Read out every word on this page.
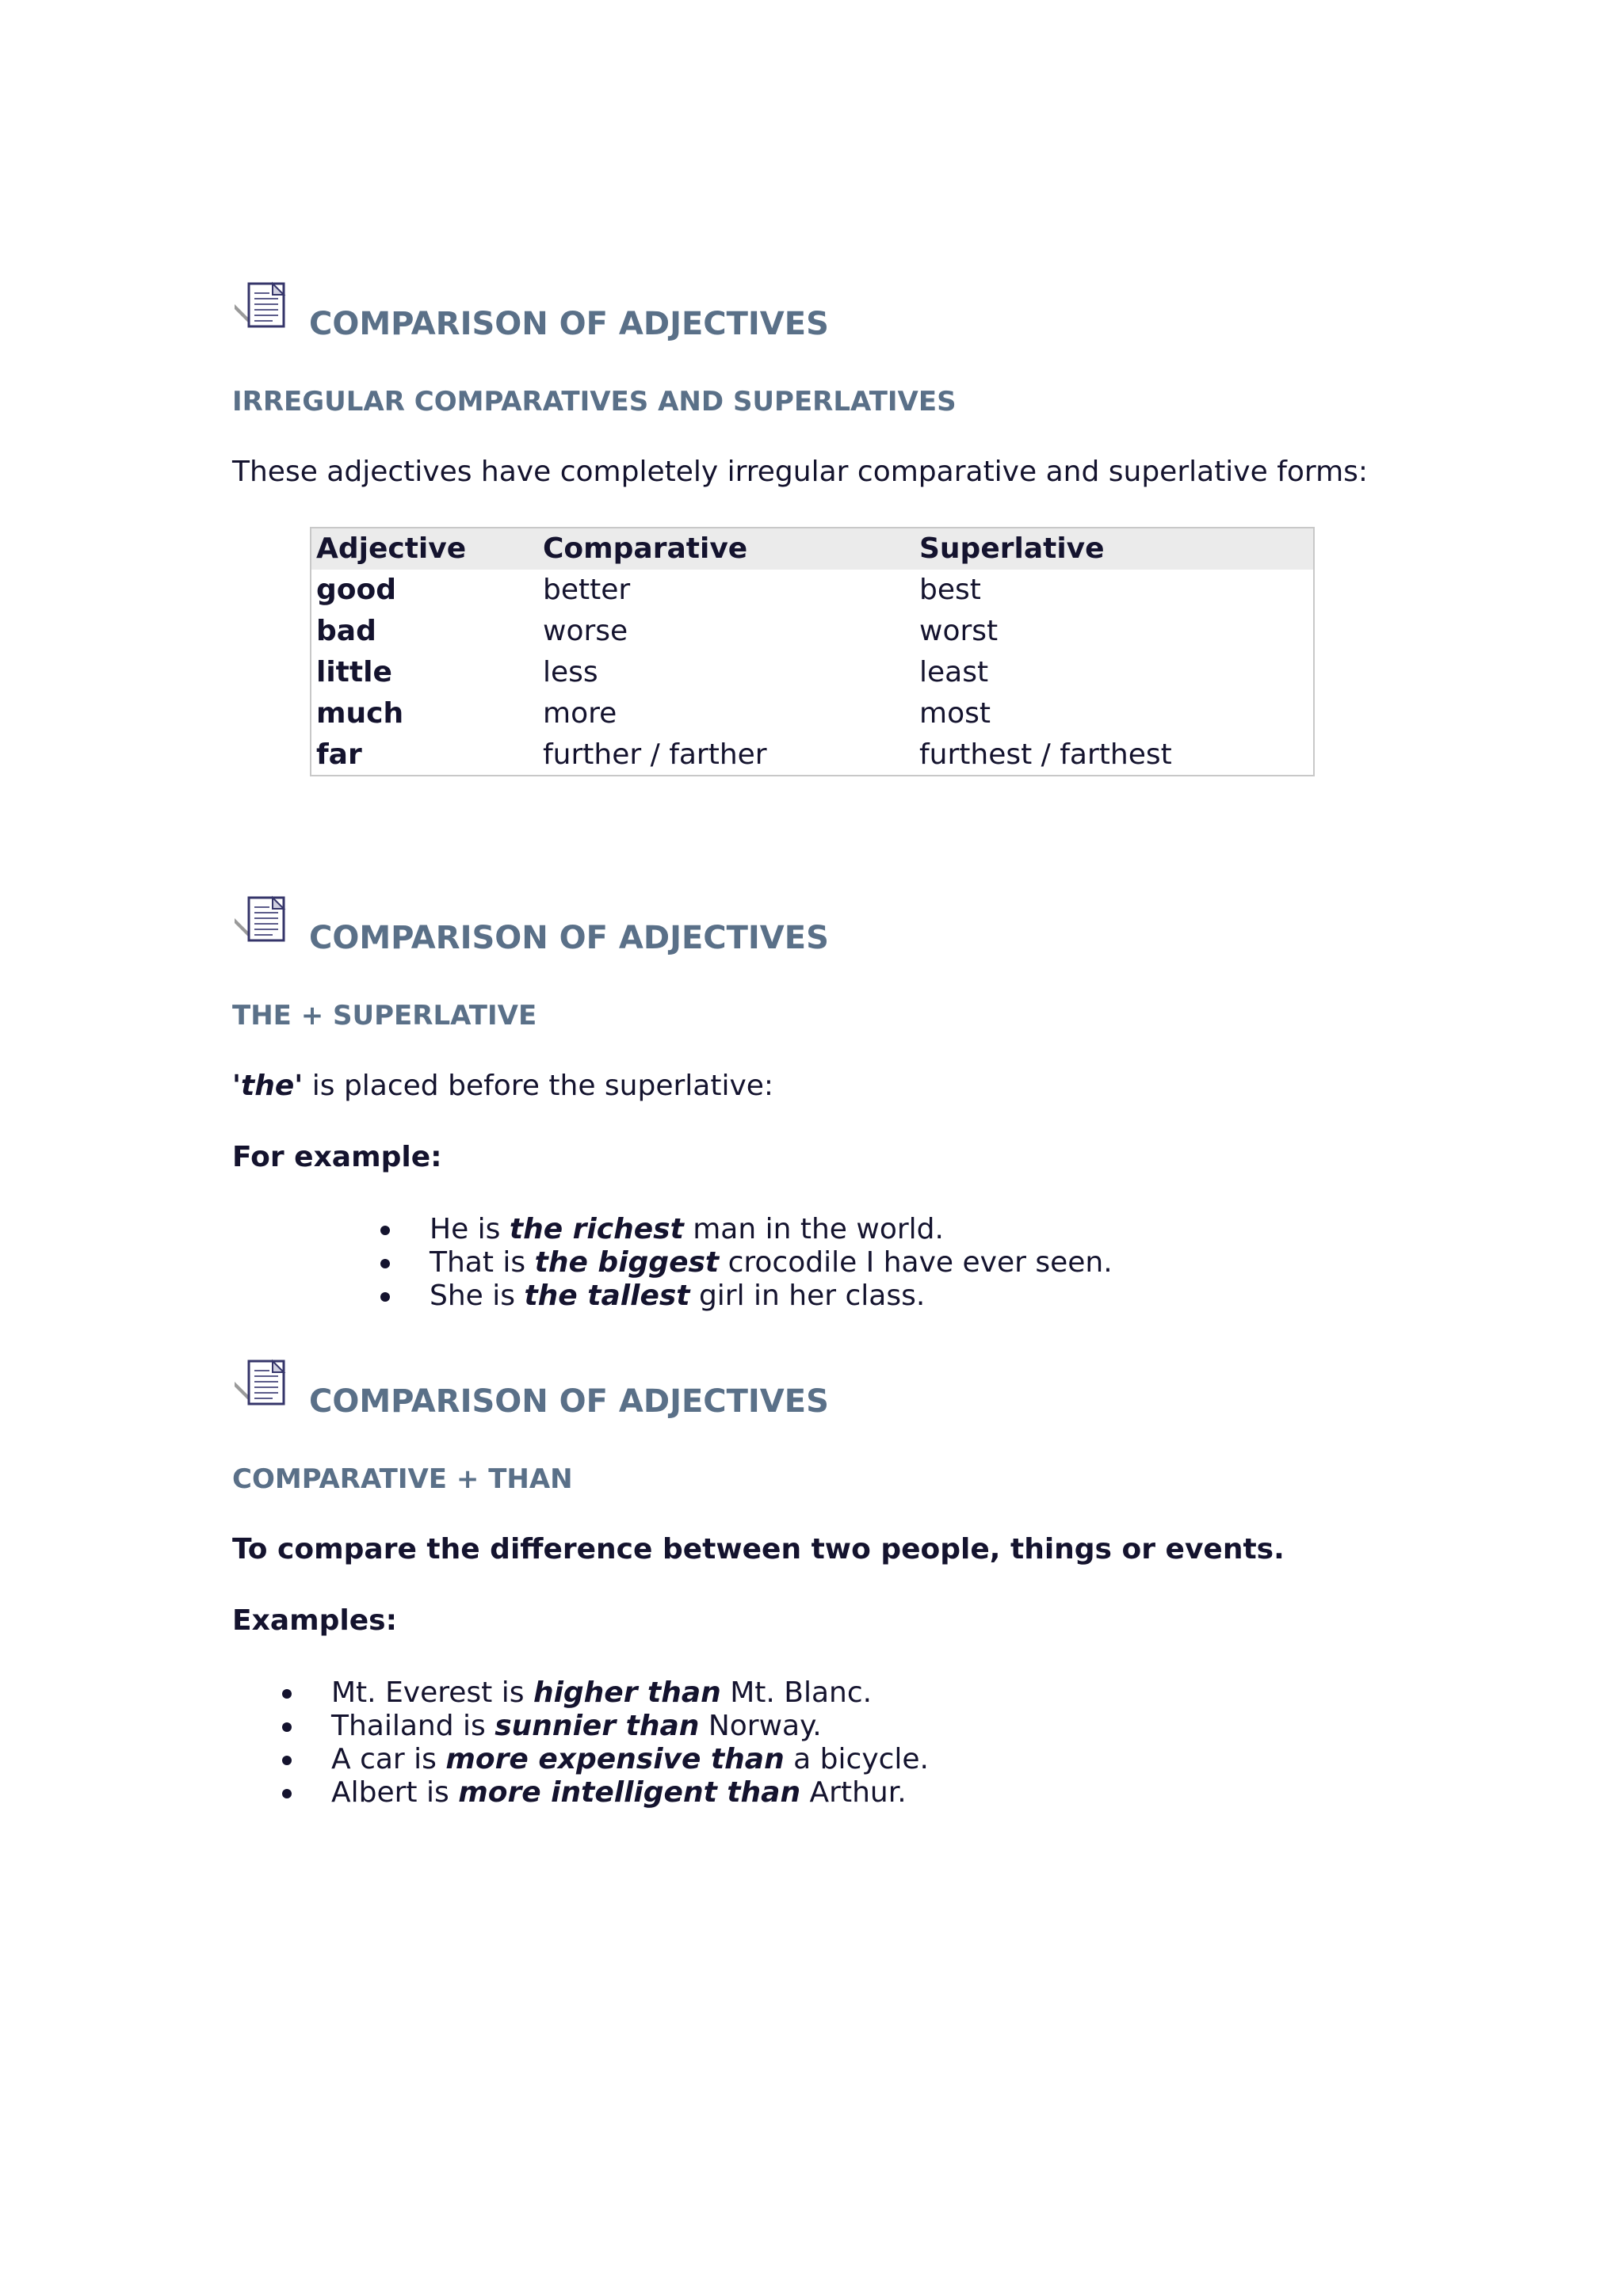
COMPARISON OF ADJECTIVES
IRREGULAR COMPARATIVES AND SUPERLATIVES
These adjectives have completely irregular comparative and superlative forms:
Adjective	Comparative	Superlative
good	better	best
bad	worse	worst
little	less	least
much	more	most
far	further / farther	furthest / farthest
COMPARISON OF ADJECTIVES
THE + SUPERLATIVE
'the' is placed before the superlative:
For example:
He is the richest man in the world.
That is the biggest crocodile I have ever seen.
She is the tallest girl in her class.
COMPARISON OF ADJECTIVES
COMPARATIVE + THAN
To compare the difference between two people, things or events.
Examples:
Mt. Everest is higher than Mt. Blanc.
Thailand is sunnier than Norway.
A car is more expensive than a bicycle.
Albert is more intelligent than Arthur.
